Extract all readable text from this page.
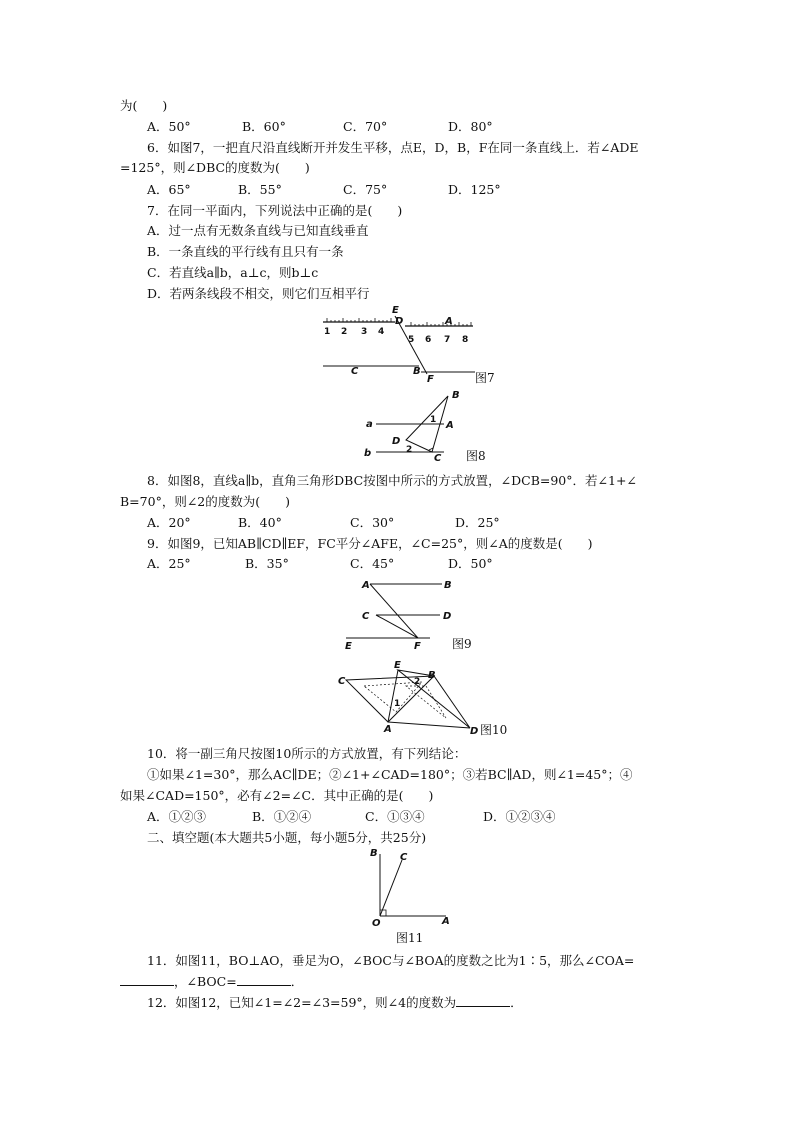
为(　　)
A．50°	B．60°	C．70°	D．80°
6．如图7，一把直尺沿直线断开并发生平移，点E，D，B，F在同一条直线上．若∠ADE
=125°，则∠DBC的度数为(　　)
A．65°	B．55°	C．75°	D．125°
7．在同一平面内，下列说法中正确的是(　　)
A．过一点有无数条直线与已知直线垂直
B．一条直线的平行线有且只有一条
C．若直线a∥b，a⊥c，则b⊥c
D．若两条线段不相交，则它们互相平行
1 2 3 4
5 6 7 8
E
D	A
C	B
F	图7
a
b
B
A
D
C
1
2	图8
8．如图8，直线a∥b，直角三角形DBC按图中所示的方式放置，∠DCB=90°．若∠1+∠
B=70°，则∠2的度数为(　　)
A．20°	B．40°	C．30°	D．25°
9．如图9，已知AB∥CD∥EF，FC平分∠AFE，∠C=25°，则∠A的度数是(　　)
A．25°	B．35°	C．45°	D．50°
A	B
C	D
E	F	图9
E
B
C	2
1
A	D 图10
10．将一副三角尺按图10所示的方式放置，有下列结论：
①如果∠1=30°，那么AC∥DE；②∠1+∠CAD=180°；③若BC∥AD，则∠1=45°；④
如果∠CAD=150°，必有∠2=∠C．其中正确的是(　　)
A．①②③	B．①②④	C．①③④	D．①②③④
二、填空题(本大题共5小题，每小题5分，共25分)
B C
O	A
图11
11．如图11，BO⊥AO，垂足为O，∠BOC与∠BOA的度数之比为1∶5，那么∠COA=
，∠BOC=	．
12．如图12，已知∠1=∠2=∠3=59°，则∠4的度数为	．
